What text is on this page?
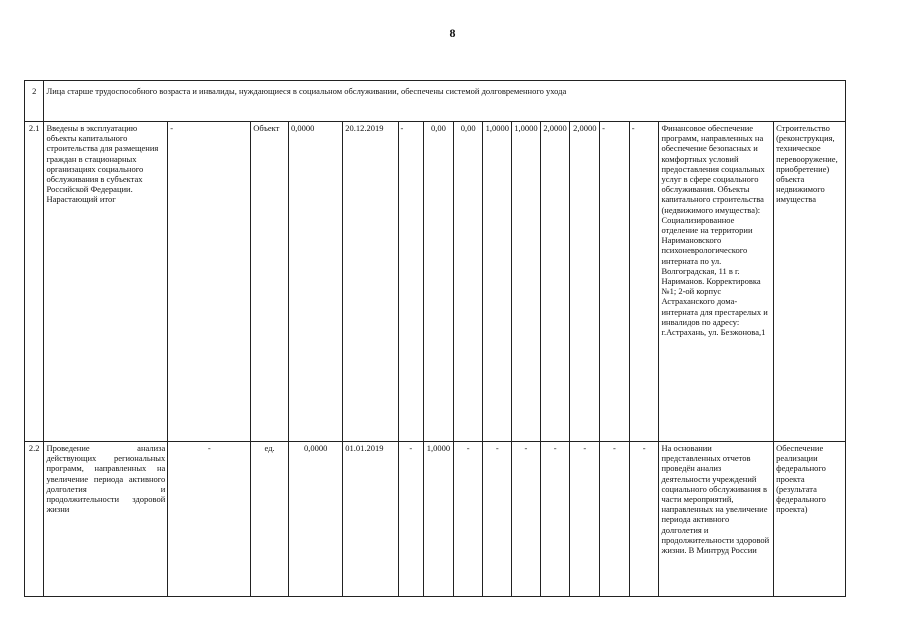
8
2	Лица старше трудоспособного возраста и инвалиды, нуждающиеся в социальном обслуживании, обеспечены системой долговременного ухода															

2.1	Введены в эксплуатацию объекты капитального строительства для размещения граждан в стационарных организациях социального обслуживания в субъектах Российской Федерации. Нарастающий итог	-	Объект	0,0000	20.12.2019	-	0,00	0,00	1,0000	1,0000	2,0000	2,0000	-	-	Финансовое обеспечение программ, направленных на обеспечение безопасных и комфортных условий предоставления социальных услуг в сфере социального обслуживания. Объекты капитального строительства (недвижимого имущества): Социализированное отделение на территории Наримановского психоневрологического интерната по ул. Волгоградская, 11 в г. Нариманов. Корректировка №1; 2-ой корпус Астраханского дома-интерната для престарелых и инвалидов по адресу: г.Астрахань, ул. Безжонова,1	Строительство (реконструкция, техническое перевооружение, приобретение) объекта недвижимого имущества
2.2	Проведение анализа действующих региональных программ, направленных на увеличение периода активного долголетия и продолжительности здоровой жизни	-	ед.	0,0000	01.01.2019	-	1,0000	-	-	-	-	-	-	-	На основании представленных отчетов проведён анализ деятельности учреждений социального обслуживания в части мероприятий, направленных на увеличение периода активного долголетия и продолжительности здоровой жизни. В Минтруд России	Обеспечение реализации федерального проекта (результата федерального проекта)
